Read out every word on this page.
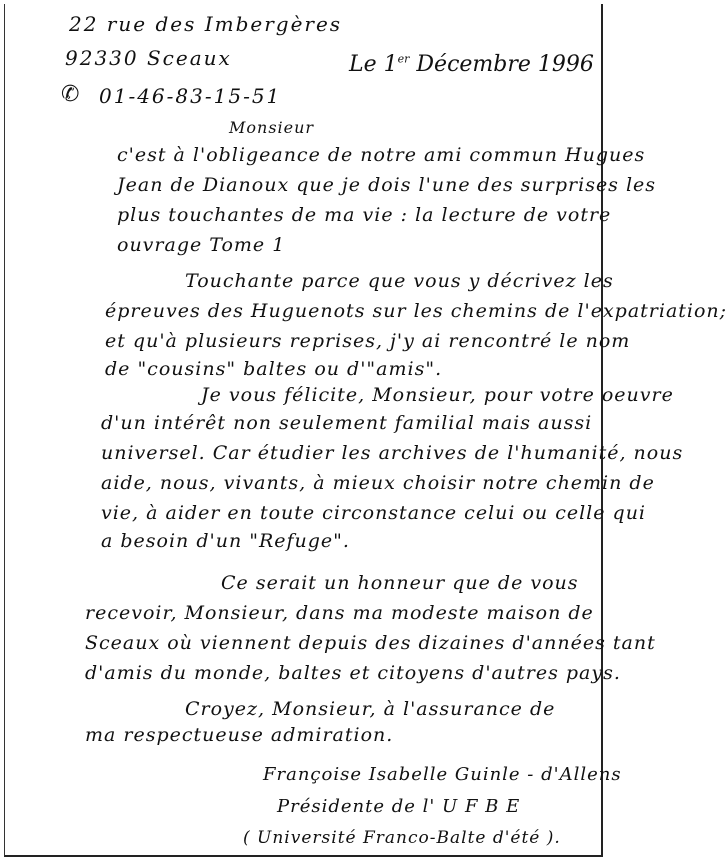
22 rue des Imbergères
92330 Sceaux
✆ 01-46-83-15-51
Le 1er Décembre 1996
Monsieur
c'est à l'obligeance de notre ami commun Hugues
Jean de Dianoux que je dois l'une des surprises les
plus touchantes de ma vie : la lecture de votre
ouvrage Tome 1
Touchante parce que vous y décrivez les
épreuves des Huguenots sur les chemins de l'expatriation;
et qu'à plusieurs reprises, j'y ai rencontré le nom
de "cousins" baltes ou d'"amis".
Je vous félicite, Monsieur, pour votre oeuvre
d'un intérêt non seulement familial mais aussi
universel. Car étudier les archives de l'humanité, nous
aide, nous, vivants, à mieux choisir notre chemin de
vie, à aider en toute circonstance celui ou celle qui
a besoin d'un "Refuge".
Ce serait un honneur que de vous
recevoir, Monsieur, dans ma modeste maison de
Sceaux où viennent depuis des dizaines d'années tant
d'amis du monde, baltes et citoyens d'autres pays.
Croyez, Monsieur, à l'assurance de
ma respectueuse admiration.
Françoise Isabelle Guinle - d'Allens
Présidente de l' U F B E
( Université Franco-Balte d'été ).
